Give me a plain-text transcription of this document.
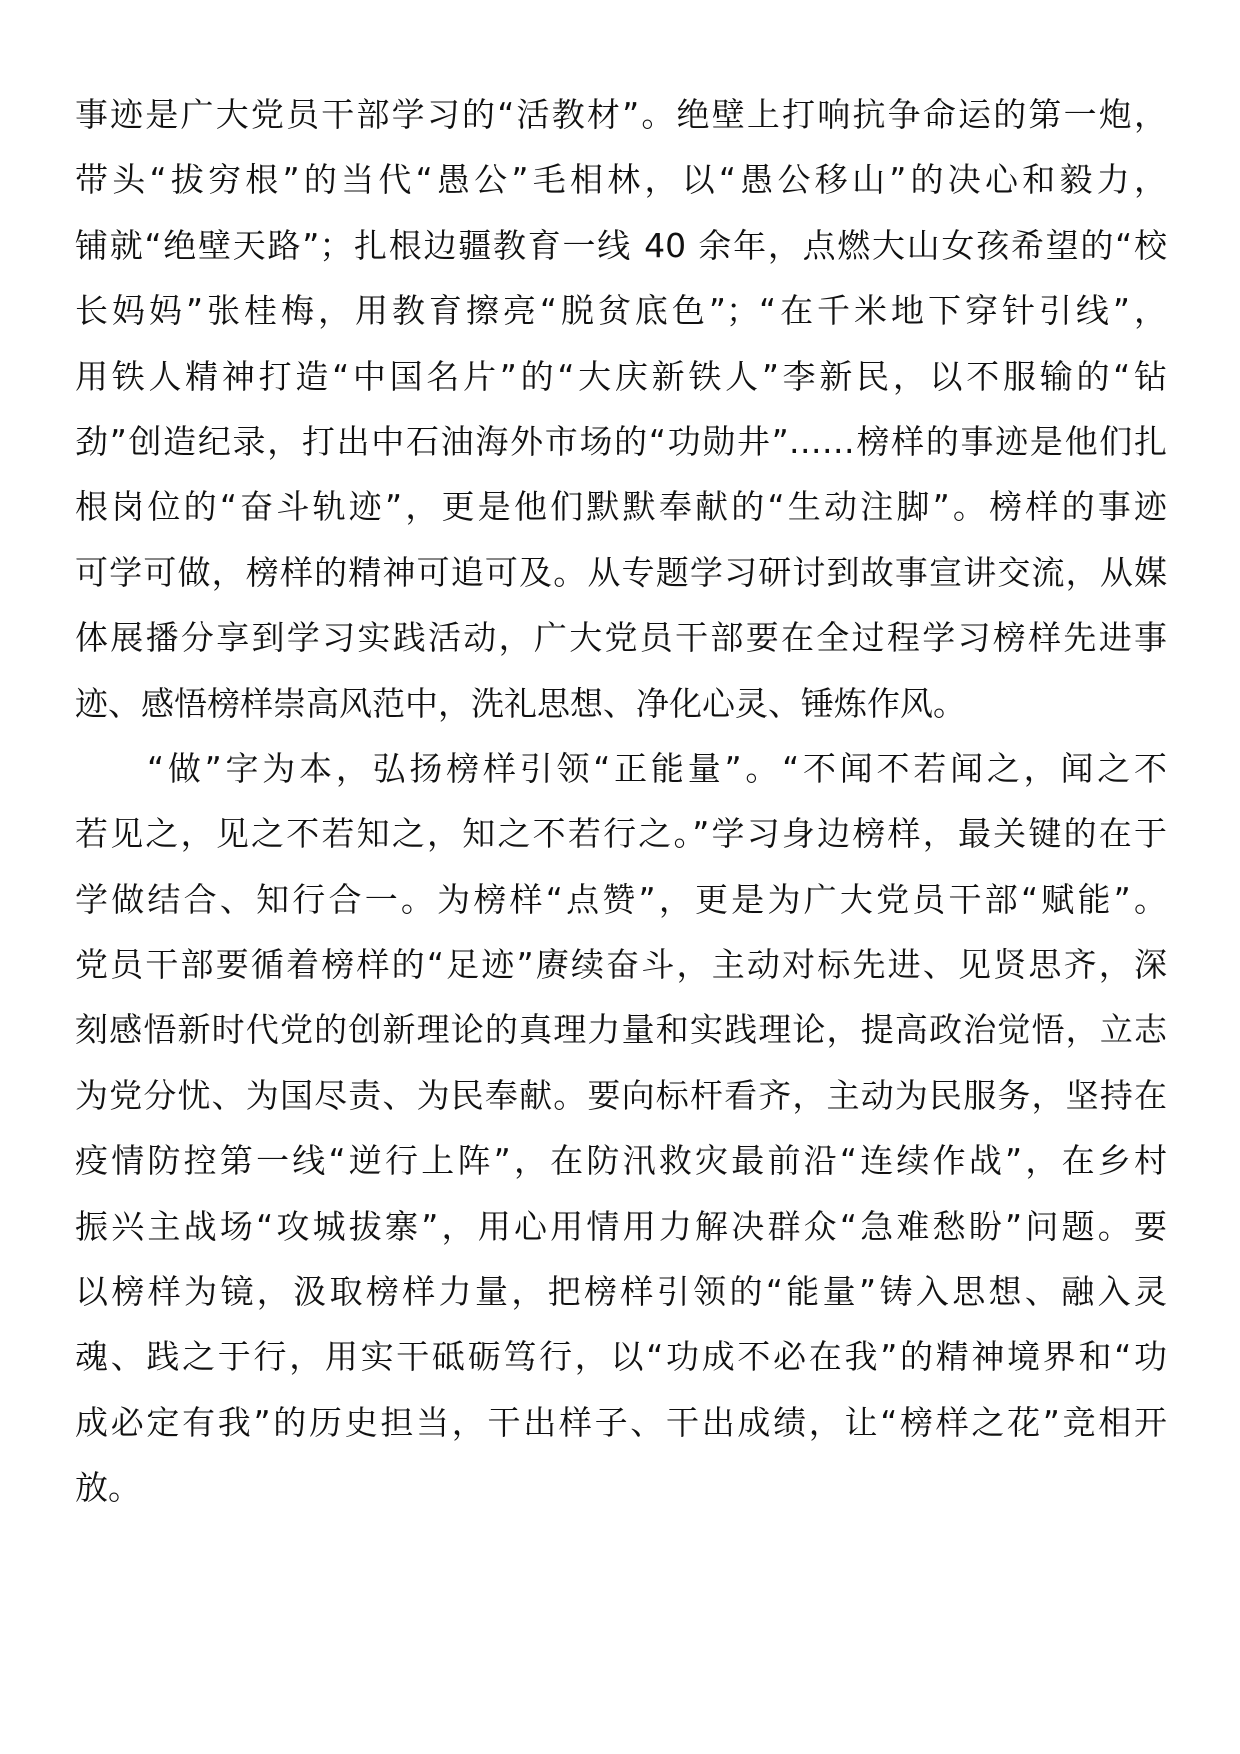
事迹是广大党员干部学习的“活教材”。绝壁上打响抗争命运的第一炮，
带头“拔穷根”的当代“愚公”毛相林，以“愚公移山”的决心和毅力，
铺就“绝壁天路”；扎根边疆教育一线 40 余年，点燃大山女孩希望的“校
长妈妈”张桂梅，用教育擦亮“脱贫底色”；“在千米地下穿针引线”，
用铁人精神打造“中国名片”的“大庆新铁人”李新民，以不服输的“钻
劲”创造纪录，打出中石油海外市场的“功勋井”……榜样的事迹是他们扎
根岗位的“奋斗轨迹”，更是他们默默奉献的“生动注脚”。榜样的事迹
可学可做，榜样的精神可追可及。从专题学习研讨到故事宣讲交流，从媒
体展播分享到学习实践活动，广大党员干部要在全过程学习榜样先进事
迹、感悟榜样崇高风范中，洗礼思想、净化心灵、锤炼作风。
“做”字为本，弘扬榜样引领“正能量”。“不闻不若闻之，闻之不
若见之，见之不若知之，知之不若行之。”学习身边榜样，最关键的在于
学做结合、知行合一。为榜样“点赞”，更是为广大党员干部“赋能”。
党员干部要循着榜样的“足迹”赓续奋斗，主动对标先进、见贤思齐，深
刻感悟新时代党的创新理论的真理力量和实践理论，提高政治觉悟，立志
为党分忧、为国尽责、为民奉献。要向标杆看齐，主动为民服务，坚持在
疫情防控第一线“逆行上阵”，在防汛救灾最前沿“连续作战”，在乡村
振兴主战场“攻城拔寨”，用心用情用力解决群众“急难愁盼”问题。要
以榜样为镜，汲取榜样力量，把榜样引领的“能量”铸入思想、融入灵
魂、践之于行，用实干砥砺笃行，以“功成不必在我”的精神境界和“功
成必定有我”的历史担当，干出样子、干出成绩，让“榜样之花”竞相开
放。
